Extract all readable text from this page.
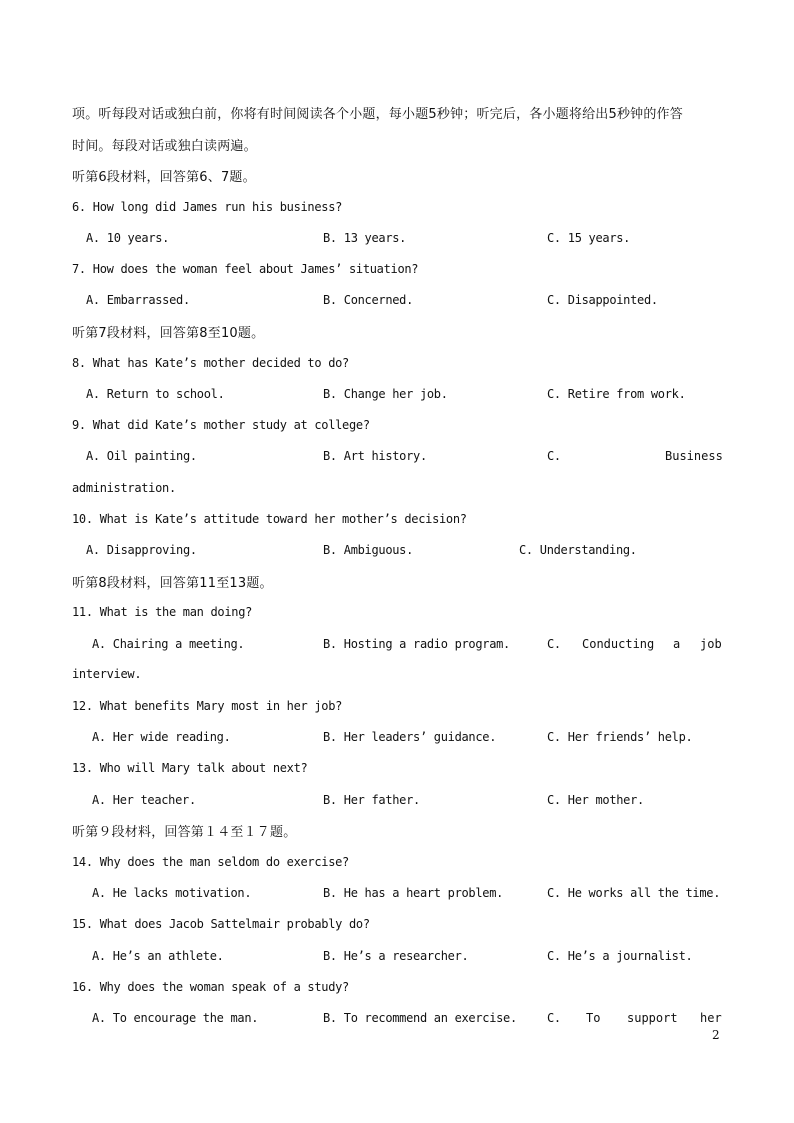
项。听每段对话或独白前，你将有时间阅读各个小题，每小题5秒钟；听完后，各小题将给出5秒钟的作答
时间。每段对话或独白读两遍。
听第6段材料，回答第6、7题。
6. How long did James run his business?
A. 10 years.	B. 13 years.	C. 15 years.
7. How does the woman feel about James’ situation?
A. Embarrassed.	B. Concerned.	C. Disappointed.
听第7段材料，回答第8至10题。
8. What has Kate’s mother decided to do?
A. Return to school.	B. Change her job.	C. Retire from work.
9. What did Kate’s mother study at college?
A. Oil painting.	B. Art history.	C.	Business
administration.
10. What is Kate’s attitude toward her mother’s decision?
A. Disapproving.	B. Ambiguous.	C. Understanding.
听第8段材料，回答第11至13题。
11. What is the man doing?
A. Chairing a meeting.	B. Hosting a radio program.	C. Conducting a job
interview.
12. What benefits Mary most in her job?
A. Her wide reading.	B. Her leaders’ guidance.	C. Her friends’ help.
13. Who will Mary talk about next?
A. Her teacher.	B. Her father.	C. Her mother.
听第９段材料，回答第１４至１７题。
14. Why does the man seldom do exercise?
A. He lacks motivation.	B. He has a heart problem.	C. He works all the time.
15. What does Jacob Sattelmair probably do?
A. He’s an athlete.	B. He’s a researcher.	C. He’s a journalist.
16. Why does the woman speak of a study?
A. To encourage the man.	B. To recommend an exercise.	C. To support her
2
